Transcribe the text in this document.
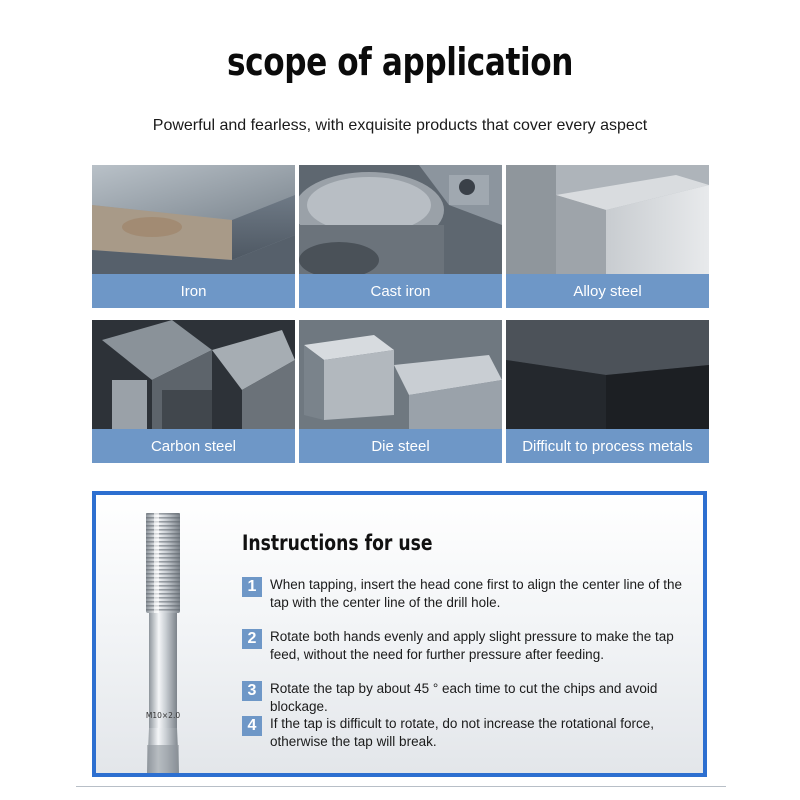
scope of application
Powerful and fearless, with exquisite products that cover every aspect
Iron	Cast iron	Alloy steel
Carbon steel	Die steel	Difficult to process metals
M10×2.0
Instructions for use
1	When tapping, insert the head cone first to align the center line of the tap with the center line of the drill hole.
2	Rotate both hands evenly and apply slight pressure to make the tap feed, without the need for further pressure after feeding.
3	Rotate the tap by about 45 ° each time to cut the chips and avoid blockage.
4	If the tap is difficult to rotate, do not increase the rotational force, otherwise the tap will break.
